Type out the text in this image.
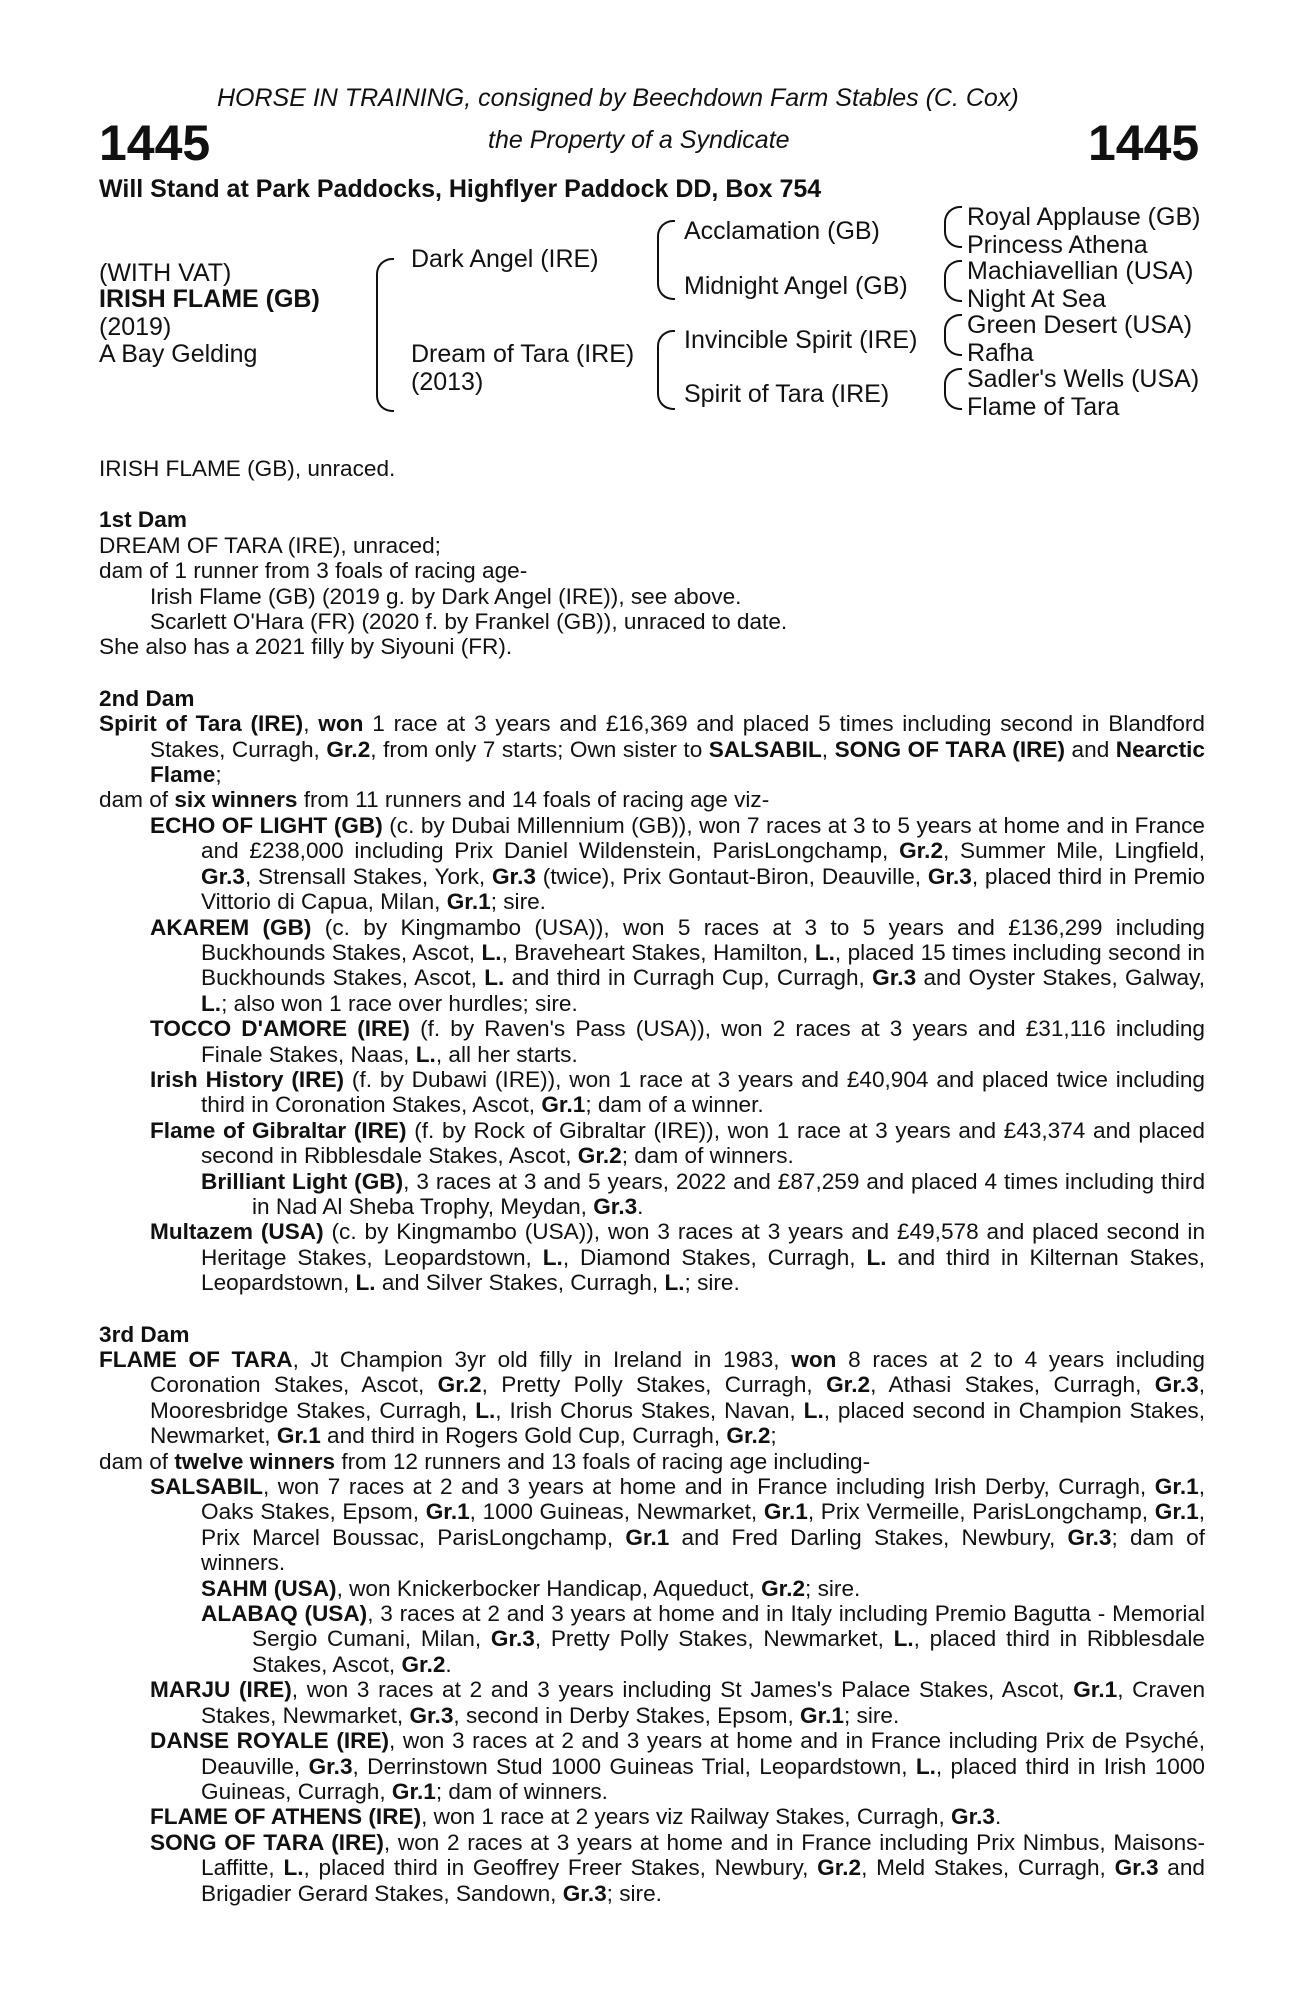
HORSE IN TRAINING, consigned by Beechdown Farm Stables (C. Cox)
1445	the Property of a Syndicate	1445
Will Stand at Park Paddocks, Highflyer Paddock DD, Box 754
(WITH VAT)
IRISH FLAME (GB)
(2019)
A Bay Gelding
Dark Angel (IRE)
Dream of Tara (IRE)
(2013)
Acclamation (GB)
Midnight Angel (GB)
Invincible Spirit (IRE)
Spirit of Tara (IRE)
Royal Applause (GB)
Princess Athena
Machiavellian (USA)
Night At Sea
Green Desert (USA)
Rafha
Sadler's Wells (USA)
Flame of Tara

IRISH FLAME (GB), unraced.

1st Dam

DREAM OF TARA (IRE), unraced;

dam of 1 runner from 3 foals of racing age-

Irish Flame (GB) (2019 g. by Dark Angel (IRE)), see above.

Scarlett O'Hara (FR) (2020 f. by Frankel (GB)), unraced to date.

She also has a 2021 filly by Siyouni (FR).

2nd Dam

Spirit of Tara (IRE), won 1 race at 3 years and £16,369 and placed 5 times including second in Blandford Stakes, Curragh, Gr.2, from only 7 starts; Own sister to SALSABIL, SONG OF TARA (IRE) and Nearctic Flame;

dam of six winners from 11 runners and 14 foals of racing age viz-

ECHO OF LIGHT (GB) (c. by Dubai Millennium (GB)), won 7 races at 3 to 5 years at home and in France and £238,000 including Prix Daniel Wildenstein, ParisLongchamp, Gr.2, Summer Mile, Lingfield, Gr.3, Strensall Stakes, York, Gr.3 (twice), Prix Gontaut-Biron, Deauville, Gr.3, placed third in Premio Vittorio di Capua, Milan, Gr.1; sire.

AKAREM (GB) (c. by Kingmambo (USA)), won 5 races at 3 to 5 years and £136,299 including Buckhounds Stakes, Ascot, L., Braveheart Stakes, Hamilton, L., placed 15 times including second in Buckhounds Stakes, Ascot, L. and third in Curragh Cup, Curragh, Gr.3 and Oyster Stakes, Galway, L.; also won 1 race over hurdles; sire.

TOCCO D'AMORE (IRE) (f. by Raven's Pass (USA)), won 2 races at 3 years and £31,116 including Finale Stakes, Naas, L., all her starts.

Irish History (IRE) (f. by Dubawi (IRE)), won 1 race at 3 years and £40,904 and placed twice including third in Coronation Stakes, Ascot, Gr.1; dam of a winner.

Flame of Gibraltar (IRE) (f. by Rock of Gibraltar (IRE)), won 1 race at 3 years and £43,374 and placed second in Ribblesdale Stakes, Ascot, Gr.2; dam of winners.

Brilliant Light (GB), 3 races at 3 and 5 years, 2022 and £87,259 and placed 4 times including third in Nad Al Sheba Trophy, Meydan, Gr.3.

Multazem (USA) (c. by Kingmambo (USA)), won 3 races at 3 years and £49,578 and placed second in Heritage Stakes, Leopardstown, L., Diamond Stakes, Curragh, L. and third in Kilternan Stakes, Leopardstown, L. and Silver Stakes, Curragh, L.; sire.

3rd Dam

FLAME OF TARA, Jt Champion 3yr old filly in Ireland in 1983, won 8 races at 2 to 4 years including Coronation Stakes, Ascot, Gr.2, Pretty Polly Stakes, Curragh, Gr.2, Athasi Stakes, Curragh, Gr.3, Mooresbridge Stakes, Curragh, L., Irish Chorus Stakes, Navan, L., placed second in Champion Stakes, Newmarket, Gr.1 and third in Rogers Gold Cup, Curragh, Gr.2;

dam of twelve winners from 12 runners and 13 foals of racing age including-

SALSABIL, won 7 races at 2 and 3 years at home and in France including Irish Derby, Curragh, Gr.1, Oaks Stakes, Epsom, Gr.1, 1000 Guineas, Newmarket, Gr.1, Prix Vermeille, ParisLongchamp, Gr.1, Prix Marcel Boussac, ParisLongchamp, Gr.1 and Fred Darling Stakes, Newbury, Gr.3; dam of winners.

SAHM (USA), won Knickerbocker Handicap, Aqueduct, Gr.2; sire.

ALABAQ (USA), 3 races at 2 and 3 years at home and in Italy including Premio Bagutta - Memorial Sergio Cumani, Milan, Gr.3, Pretty Polly Stakes, Newmarket, L., placed third in Ribblesdale Stakes, Ascot, Gr.2.

MARJU (IRE), won 3 races at 2 and 3 years including St James's Palace Stakes, Ascot, Gr.1, Craven Stakes, Newmarket, Gr.3, second in Derby Stakes, Epsom, Gr.1; sire.

DANSE ROYALE (IRE), won 3 races at 2 and 3 years at home and in France including Prix de Psyché, Deauville, Gr.3, Derrinstown Stud 1000 Guineas Trial, Leopardstown, L., placed third in Irish 1000 Guineas, Curragh, Gr.1; dam of winners.

FLAME OF ATHENS (IRE), won 1 race at 2 years viz Railway Stakes, Curragh, Gr.3.

SONG OF TARA (IRE), won 2 races at 3 years at home and in France including Prix Nimbus, Maisons-Laffitte, L., placed third in Geoffrey Freer Stakes, Newbury, Gr.2, Meld Stakes, Curragh, Gr.3 and Brigadier Gerard Stakes, Sandown, Gr.3; sire.
